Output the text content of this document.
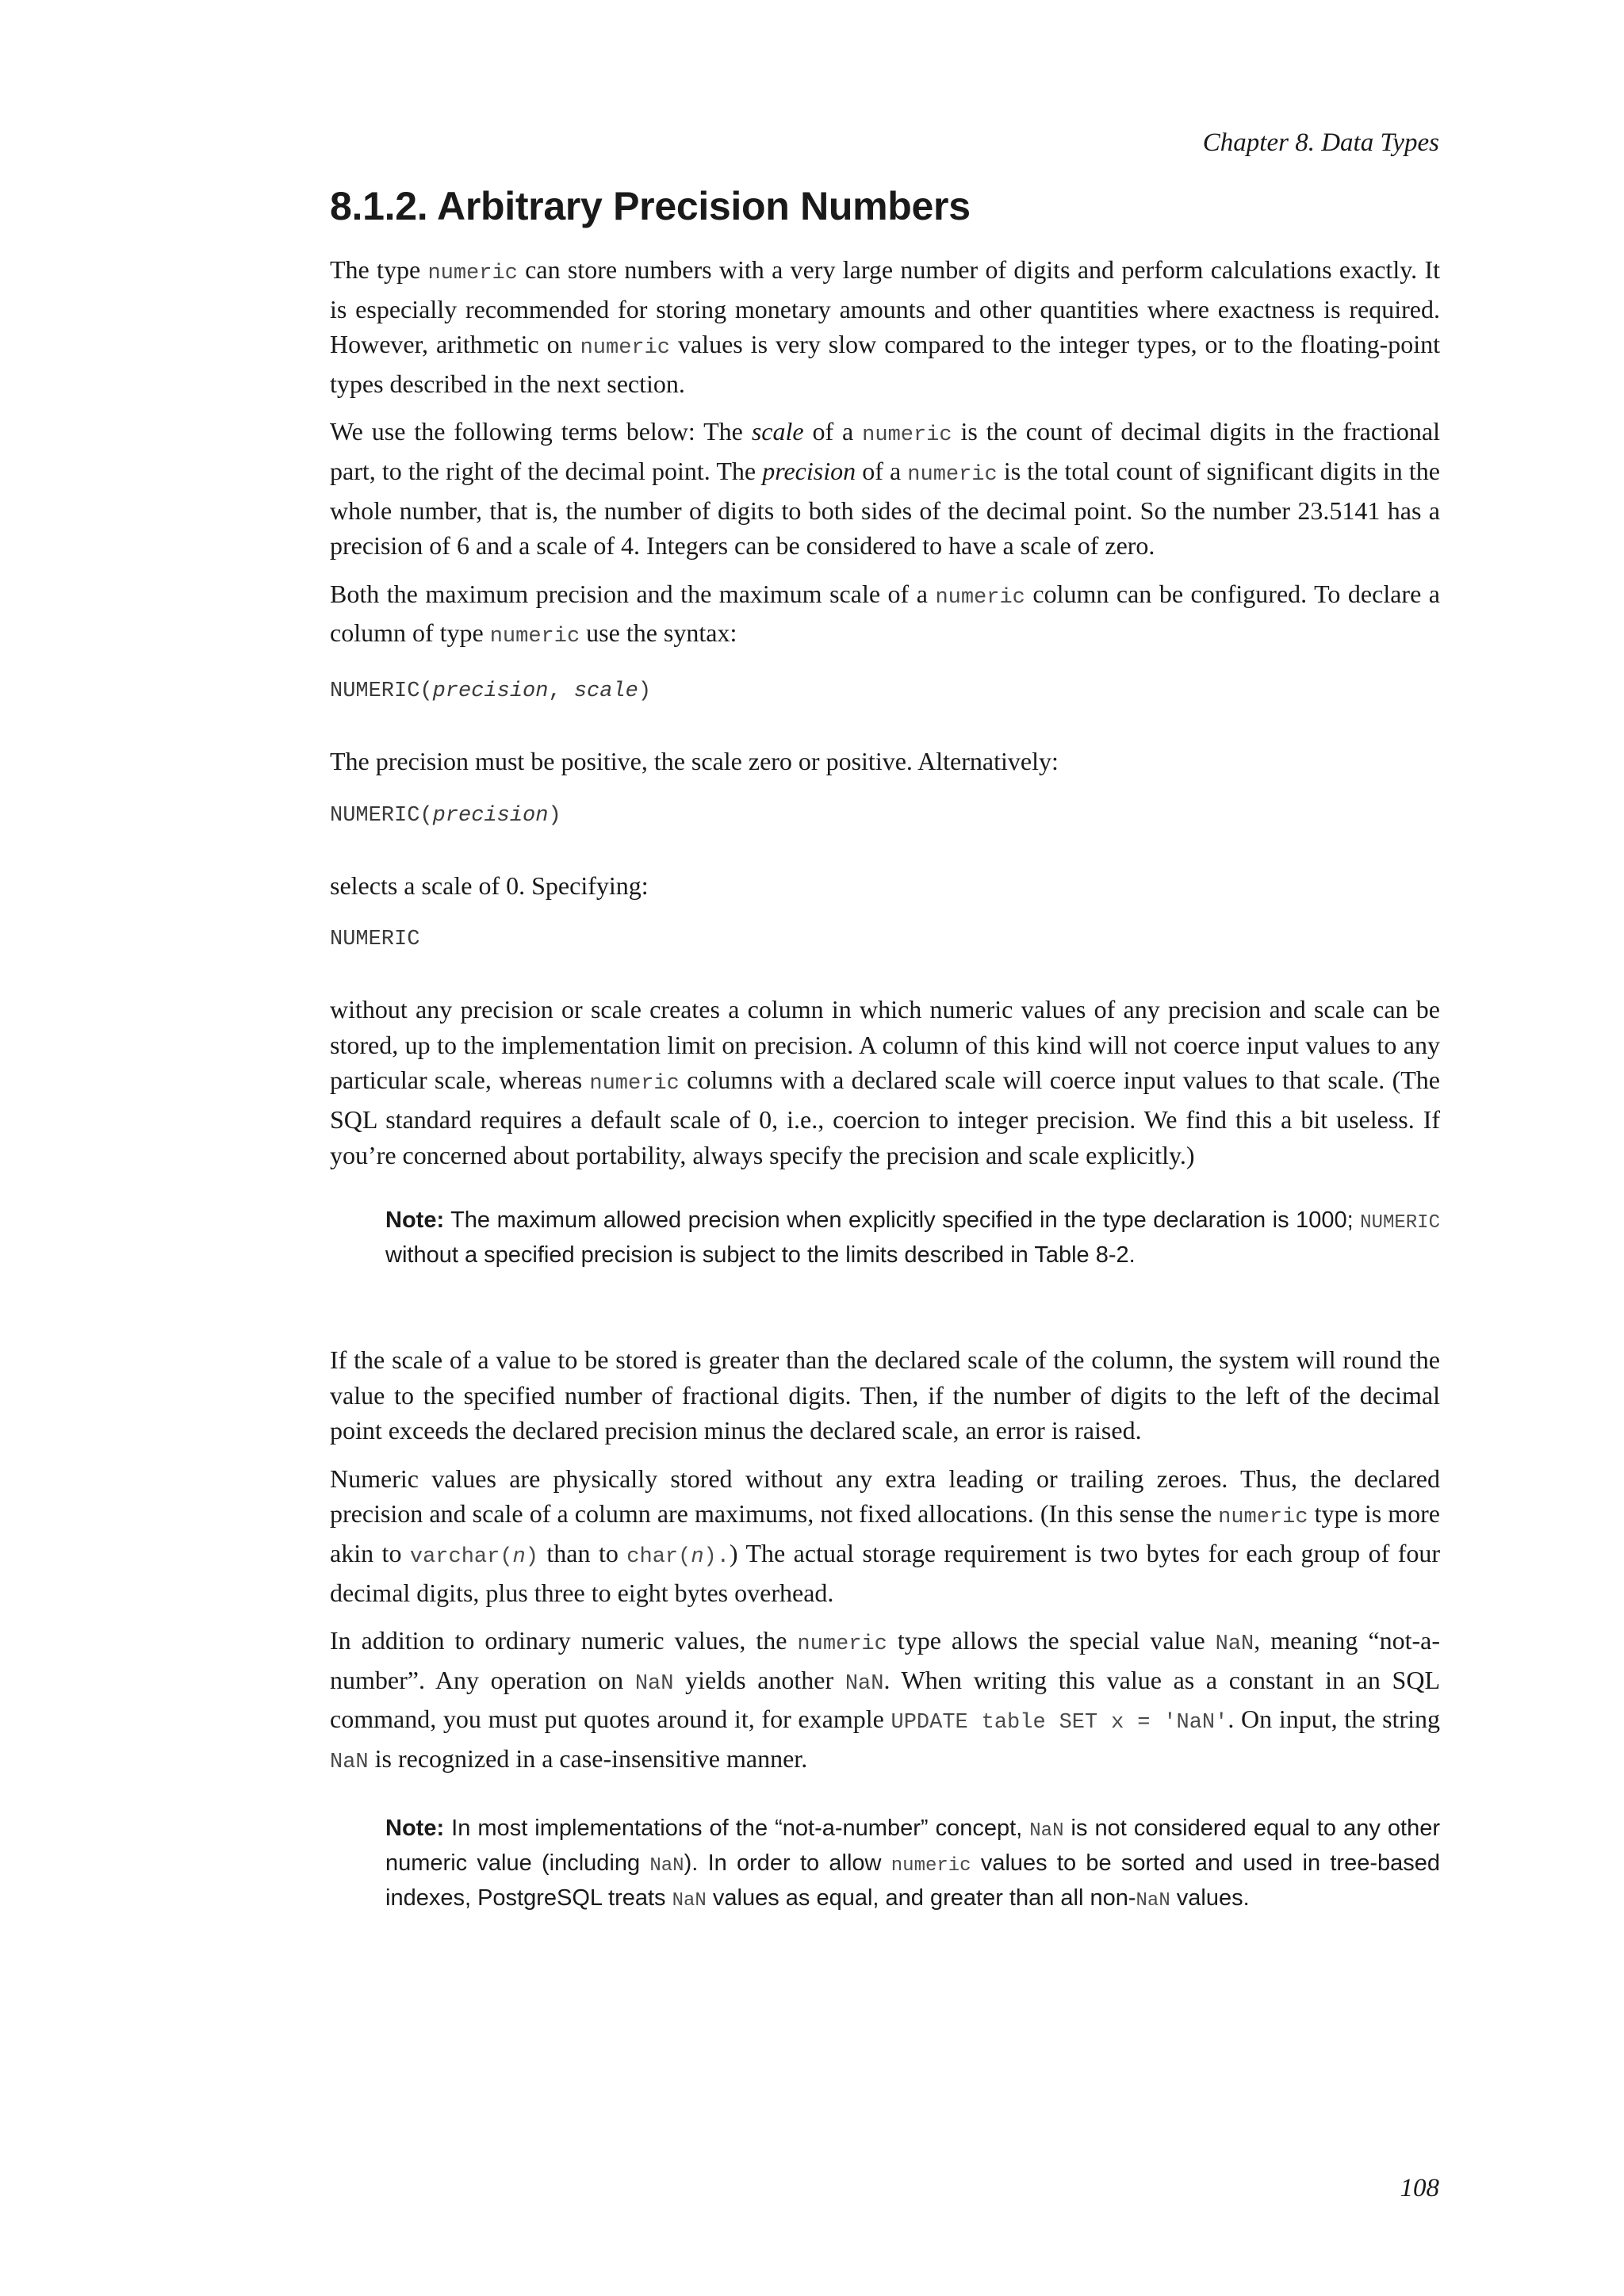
Chapter 8. Data Types
8.1.2. Arbitrary Precision Numbers

The type numeric can store numbers with a very large number of digits and perform calculations exactly. It is especially recommended for storing monetary amounts and other quantities where exactness is required. However, arithmetic on numeric values is very slow compared to the integer types, or to the floating-point types described in the next section.

We use the following terms below: The scale of a numeric is the count of decimal digits in the fractional part, to the right of the decimal point. The precision of a numeric is the total count of significant digits in the whole number, that is, the number of digits to both sides of the decimal point. So the number 23.5141 has a precision of 6 and a scale of 4. Integers can be considered to have a scale of zero.

Both the maximum precision and the maximum scale of a numeric column can be configured. To declare a column of type numeric use the syntax:

NUMERIC(precision, scale)

The precision must be positive, the scale zero or positive. Alternatively:

NUMERIC(precision)

selects a scale of 0. Specifying:

NUMERIC

without any precision or scale creates a column in which numeric values of any precision and scale can be stored, up to the implementation limit on precision. A column of this kind will not coerce input values to any particular scale, whereas numeric columns with a declared scale will coerce input values to that scale. (The SQL standard requires a default scale of 0, i.e., coercion to integer precision. We find this a bit useless. If you’re concerned about portability, always specify the precision and scale explicitly.)

Note: The maximum allowed precision when explicitly specified in the type declaration is 1000; NUMERIC without a specified precision is subject to the limits described in Table 8-2.

If the scale of a value to be stored is greater than the declared scale of the column, the system will round the value to the specified number of fractional digits. Then, if the number of digits to the left of the decimal point exceeds the declared precision minus the declared scale, an error is raised.

Numeric values are physically stored without any extra leading or trailing zeroes. Thus, the declared precision and scale of a column are maximums, not fixed allocations. (In this sense the numeric type is more akin to varchar(n) than to char(n).) The actual storage requirement is two bytes for each group of four decimal digits, plus three to eight bytes overhead.

In addition to ordinary numeric values, the numeric type allows the special value NaN, meaning “not-a-number”. Any operation on NaN yields another NaN. When writing this value as a constant in an SQL command, you must put quotes around it, for example UPDATE table SET x = 'NaN'. On input, the string NaN is recognized in a case-insensitive manner.

Note: In most implementations of the “not-a-number” concept, NaN is not considered equal to any other numeric value (including NaN). In order to allow numeric values to be sorted and used in tree-based indexes, PostgreSQL treats NaN values as equal, and greater than all non-NaN values.
108
